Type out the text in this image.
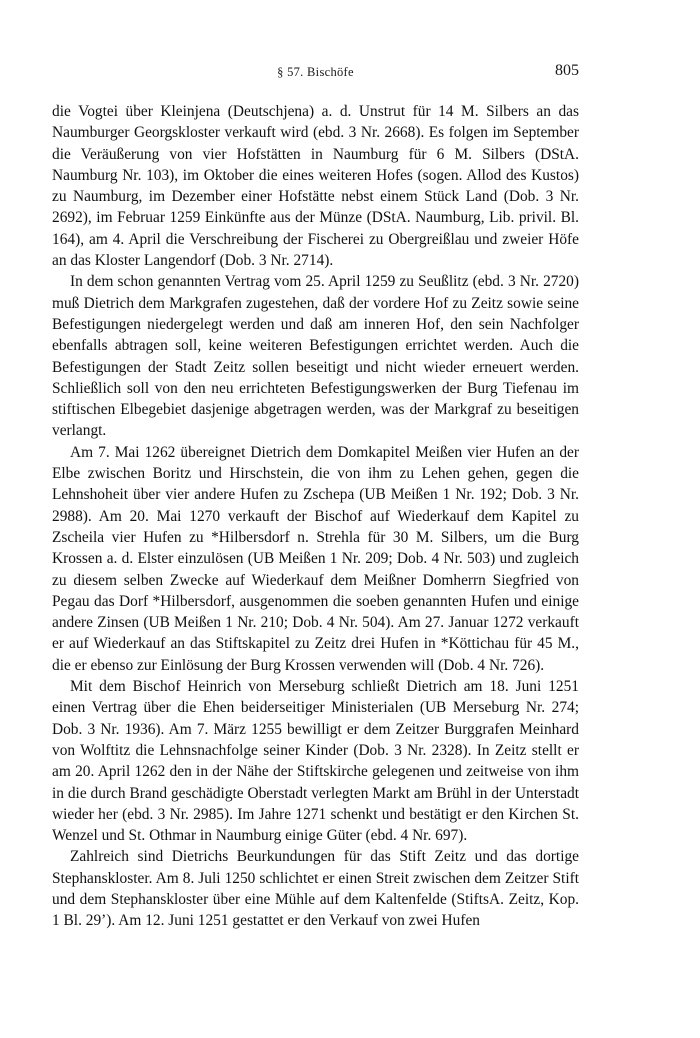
§ 57. Bischöfe	805

die Vogtei über Kleinjena (Deutschjena) a. d. Unstrut für 14 M. Silbers an das Naumburger Georgskloster verkauft wird (ebd. 3 Nr. 2668). Es folgen im September die Veräußerung von vier Hofstätten in Naumburg für 6 M. Silbers (DStA. Naumburg Nr. 103), im Oktober die eines weiteren Hofes (sogen. Allod des Kustos) zu Naumburg, im Dezember einer Hofstätte nebst einem Stück Land (Dob. 3 Nr. 2692), im Februar 1259 Einkünfte aus der Münze (DStA. Naumburg, Lib. privil. Bl. 164), am 4. April die Verschreibung der Fischerei zu Obergreißlau und zweier Höfe an das Kloster Langendorf (Dob. 3 Nr. 2714).

In dem schon genannten Vertrag vom 25. April 1259 zu Seußlitz (ebd. 3 Nr. 2720) muß Dietrich dem Markgrafen zugestehen, daß der vordere Hof zu Zeitz sowie seine Befestigungen niedergelegt werden und daß am inneren Hof, den sein Nachfolger ebenfalls abtragen soll, keine weiteren Befestigungen errichtet werden. Auch die Befestigungen der Stadt Zeitz sollen beseitigt und nicht wieder erneuert werden. Schließlich soll von den neu errichteten Befestigungswerken der Burg Tiefenau im stiftischen Elbegebiet dasjenige abgetragen werden, was der Markgraf zu beseitigen verlangt.

Am 7. Mai 1262 übereignet Dietrich dem Domkapitel Meißen vier Hufen an der Elbe zwischen Boritz und Hirschstein, die von ihm zu Lehen gehen, gegen die Lehnshoheit über vier andere Hufen zu Zschepa (UB Meißen 1 Nr. 192; Dob. 3 Nr. 2988). Am 20. Mai 1270 verkauft der Bischof auf Wiederkauf dem Kapitel zu Zscheila vier Hufen zu *Hilbersdorf n. Strehla für 30 M. Silbers, um die Burg Krossen a. d. Elster einzulösen (UB Meißen 1 Nr. 209; Dob. 4 Nr. 503) und zugleich zu diesem selben Zwecke auf Wiederkauf dem Meißner Domherrn Siegfried von Pegau das Dorf *Hilbersdorf, ausgenommen die soeben genannten Hufen und einige andere Zinsen (UB Meißen 1 Nr. 210; Dob. 4 Nr. 504). Am 27. Januar 1272 verkauft er auf Wiederkauf an das Stiftskapitel zu Zeitz drei Hufen in *Köttichau für 45 M., die er ebenso zur Einlösung der Burg Krossen verwenden will (Dob. 4 Nr. 726).

Mit dem Bischof Heinrich von Merseburg schließt Dietrich am 18. Juni 1251 einen Vertrag über die Ehen beiderseitiger Ministerialen (UB Merseburg Nr. 274; Dob. 3 Nr. 1936). Am 7. März 1255 bewilligt er dem Zeitzer Burggrafen Meinhard von Wolftitz die Lehnsnachfolge seiner Kinder (Dob. 3 Nr. 2328). In Zeitz stellt er am 20. April 1262 den in der Nähe der Stiftskirche gelegenen und zeitweise von ihm in die durch Brand geschädigte Oberstadt verlegten Markt am Brühl in der Unterstadt wieder her (ebd. 3 Nr. 2985). Im Jahre 1271 schenkt und bestätigt er den Kirchen St. Wenzel und St. Othmar in Naumburg einige Güter (ebd. 4 Nr. 697).

Zahlreich sind Dietrichs Beurkundungen für das Stift Zeitz und das dortige Stephanskloster. Am 8. Juli 1250 schlichtet er einen Streit zwischen dem Zeitzer Stift und dem Stephanskloster über eine Mühle auf dem Kaltenfelde (StiftsA. Zeitz, Kop. 1 Bl. 29’). Am 12. Juni 1251 gestattet er den Verkauf von zwei Hufen
